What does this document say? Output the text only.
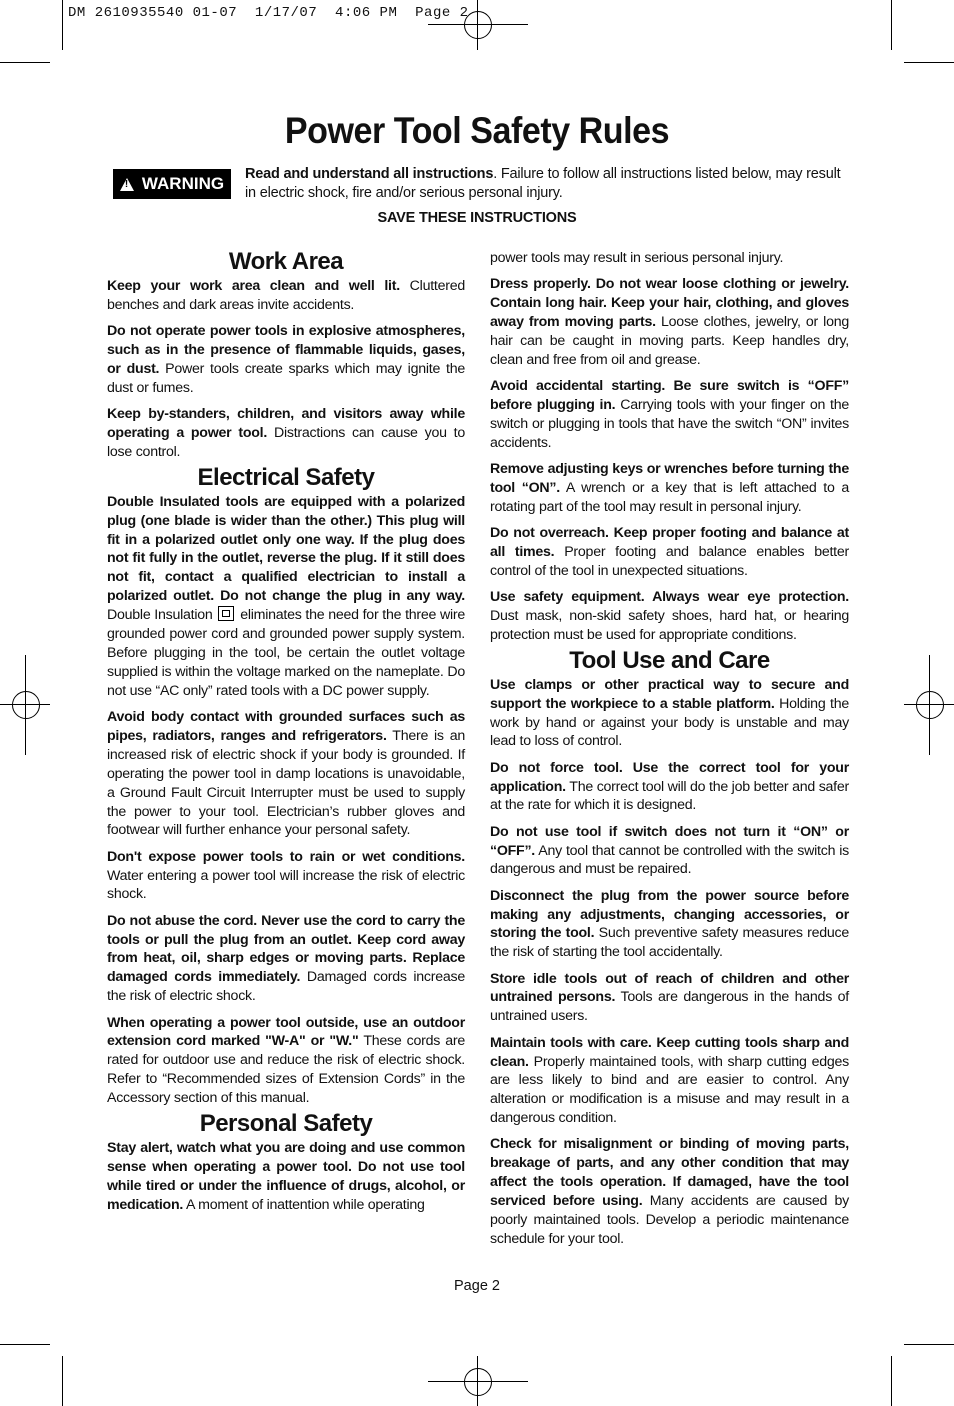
DM 2610935540 01-07  1/17/07  4:06 PM  Page 2
Power Tool Safety Rules
!
WARNING Read and understand all instructions. Failure to follow all instructions listed below, may result in electric shock, fire and/or serious personal injury.
SAVE THESE INSTRUCTIONS
Work Area

Keep your work area clean and well lit. Cluttered benches and dark areas invite accidents.

Do not operate power tools in explosive atmospheres, such as in the presence of flammable liquids, gases, or dust. Power tools create sparks which may ignite the dust or fumes.

Keep by-standers, children, and visitors away while operating a power tool. Distractions can cause you to lose control.

Electrical Safety

Double Insulated tools are equipped with a polarized plug (one blade is wider than the other.) This plug will fit in a polarized outlet only one way. If the plug does not fit fully in the outlet, reverse the plug. If it still does not fit, contact a qualified electrician to install a polarized outlet. Do not change the plug in any way. Double Insulation  eliminates the need for the three wire grounded power cord and grounded power supply system. Before plugging in the tool, be certain the outlet voltage supplied is within the voltage marked on the nameplate. Do not use “AC only” rated tools with a DC power supply.

Avoid body contact with grounded surfaces such as pipes, radiators, ranges and refrigerators. There is an increased risk of electric shock if your body is grounded. If operating the power tool in damp locations is unavoidable, a Ground Fault Circuit Interrupter must be used to supply the power to your tool. Electrician’s rubber gloves and footwear will further enhance your personal safety.

Don't expose power tools to rain or wet conditions. Water entering a power tool will increase the risk of electric shock.

Do not abuse the cord. Never use the cord to carry the tools or pull the plug from an outlet. Keep cord away from heat, oil, sharp edges or moving parts. Replace damaged cords immediately. Damaged cords increase the risk of electric shock.

When operating a power tool outside, use an outdoor extension cord marked "W-A" or "W." These cords are rated for outdoor use and reduce the risk of electric shock. Refer to “Recommended sizes of Extension Cords” in the Accessory section of this manual.

Personal Safety

Stay alert, watch what you are doing and use common sense when operating a power tool. Do not use tool while tired or under the influence of drugs, alcohol, or medication. A moment of inattention while operating

power tools may result in serious personal injury.

Dress properly. Do not wear loose clothing or jewelry. Contain long hair. Keep your hair, clothing, and gloves away from moving parts. Loose clothes, jewelry, or long hair can be caught in moving parts. Keep handles dry, clean and free from oil and grease.

Avoid accidental starting. Be sure switch is “OFF” before plugging in. Carrying tools with your finger on the switch or plugging in tools that have the switch “ON” invites accidents.

Remove adjusting keys or wrenches before turning the tool “ON”. A wrench or a key that is left attached to a rotating part of the tool may result in personal injury.

Do not overreach. Keep proper footing and balance at all times. Proper footing and balance enables better control of the tool in unexpected situations.

Use safety equipment. Always wear eye protection. Dust mask, non-skid safety shoes, hard hat, or hearing protection must be used for appropriate conditions.

Tool Use and Care

Use clamps or other practical way to secure and support the workpiece to a stable platform. Holding the work by hand or against your body is unstable and may lead to loss of control.

Do not force tool. Use the correct tool for your application. The correct tool will do the job better and safer at the rate for which it is designed.

Do not use tool if switch does not turn it “ON” or “OFF”. Any tool that cannot be controlled with the switch is dangerous and must be repaired.

Disconnect the plug from the power source before making any adjustments, changing accessories, or storing the tool. Such preventive safety measures reduce the risk of starting the tool accidentally.

Store idle tools out of reach of children and other untrained persons. Tools are dangerous in the hands of untrained users.

Maintain tools with care. Keep cutting tools sharp and clean. Properly maintained tools, with sharp cutting edges are less likely to bind and are easier to control. Any alteration or modification is a misuse and may result in a dangerous condition.

Check for misalignment or binding of moving parts, breakage of parts, and any other condition that may affect the tools operation. If damaged, have the tool serviced before using. Many accidents are caused by poorly maintained tools. Develop a periodic maintenance schedule for your tool.

Page 2
